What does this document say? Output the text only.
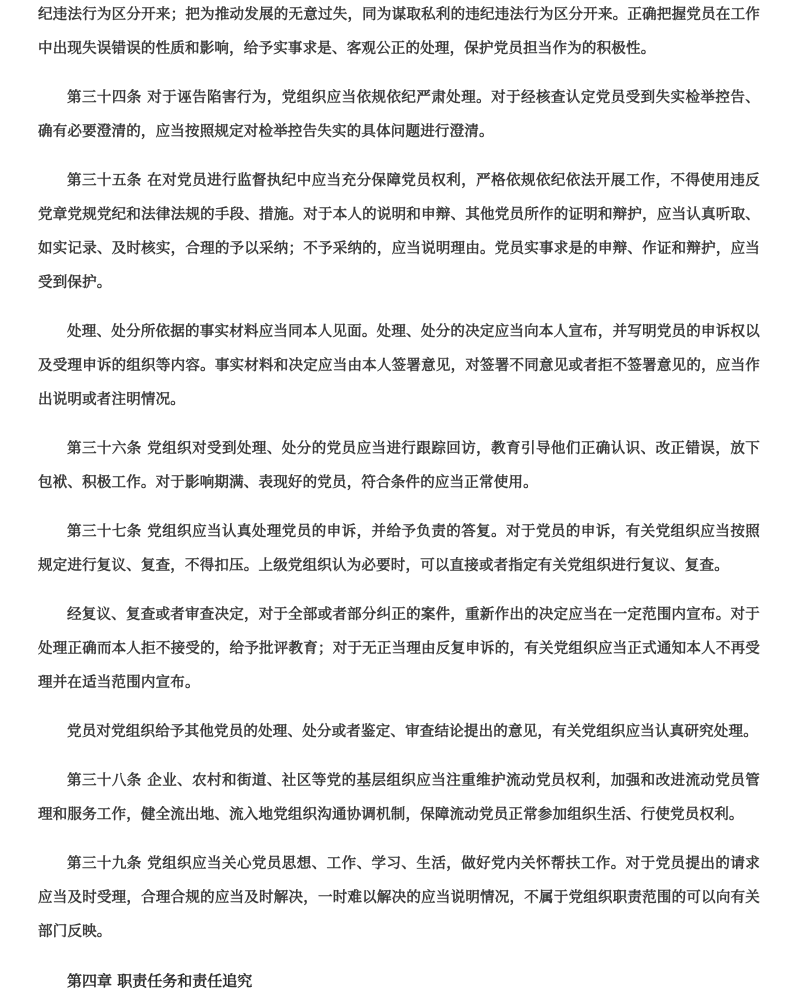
纪违法行为区分开来；把为推动发展的无意过失，同为谋取私利的违纪违法行为区分开来。正确把握党员在工作中出现失误错误的性质和影响，给予实事求是、客观公正的处理，保护党员担当作为的积极性。

第三十四条 对于诬告陷害行为，党组织应当依规依纪严肃处理。对于经核查认定党员受到失实检举控告、确有必要澄清的，应当按照规定对检举控告失实的具体问题进行澄清。

第三十五条 在对党员进行监督执纪中应当充分保障党员权利，严格依规依纪依法开展工作，不得使用违反党章党规党纪和法律法规的手段、措施。对于本人的说明和申辩、其他党员所作的证明和辩护，应当认真听取、如实记录、及时核实，合理的予以采纳；不予采纳的，应当说明理由。党员实事求是的申辩、作证和辩护，应当受到保护。

处理、处分所依据的事实材料应当同本人见面。处理、处分的决定应当向本人宣布，并写明党员的申诉权以及受理申诉的组织等内容。事实材料和决定应当由本人签署意见，对签署不同意见或者拒不签署意见的，应当作出说明或者注明情况。

第三十六条 党组织对受到处理、处分的党员应当进行跟踪回访，教育引导他们正确认识、改正错误，放下包袱、积极工作。对于影响期满、表现好的党员，符合条件的应当正常使用。

第三十七条 党组织应当认真处理党员的申诉，并给予负责的答复。对于党员的申诉，有关党组织应当按照规定进行复议、复查，不得扣压。上级党组织认为必要时，可以直接或者指定有关党组织进行复议、复查。

经复议、复查或者审查决定，对于全部或者部分纠正的案件，重新作出的决定应当在一定范围内宣布。对于处理正确而本人拒不接受的，给予批评教育；对于无正当理由反复申诉的，有关党组织应当正式通知本人不再受理并在适当范围内宣布。

党员对党组织给予其他党员的处理、处分或者鉴定、审查结论提出的意见，有关党组织应当认真研究处理。

第三十八条 企业、农村和街道、社区等党的基层组织应当注重维护流动党员权利，加强和改进流动党员管理和服务工作，健全流出地、流入地党组织沟通协调机制，保障流动党员正常参加组织生活、行使党员权利。

第三十九条 党组织应当关心党员思想、工作、学习、生活，做好党内关怀帮扶工作。对于党员提出的请求应当及时受理，合理合规的应当及时解决，一时难以解决的应当说明情况，不属于党组织职责范围的可以向有关部门反映。

第四章 职责任务和责任追究
